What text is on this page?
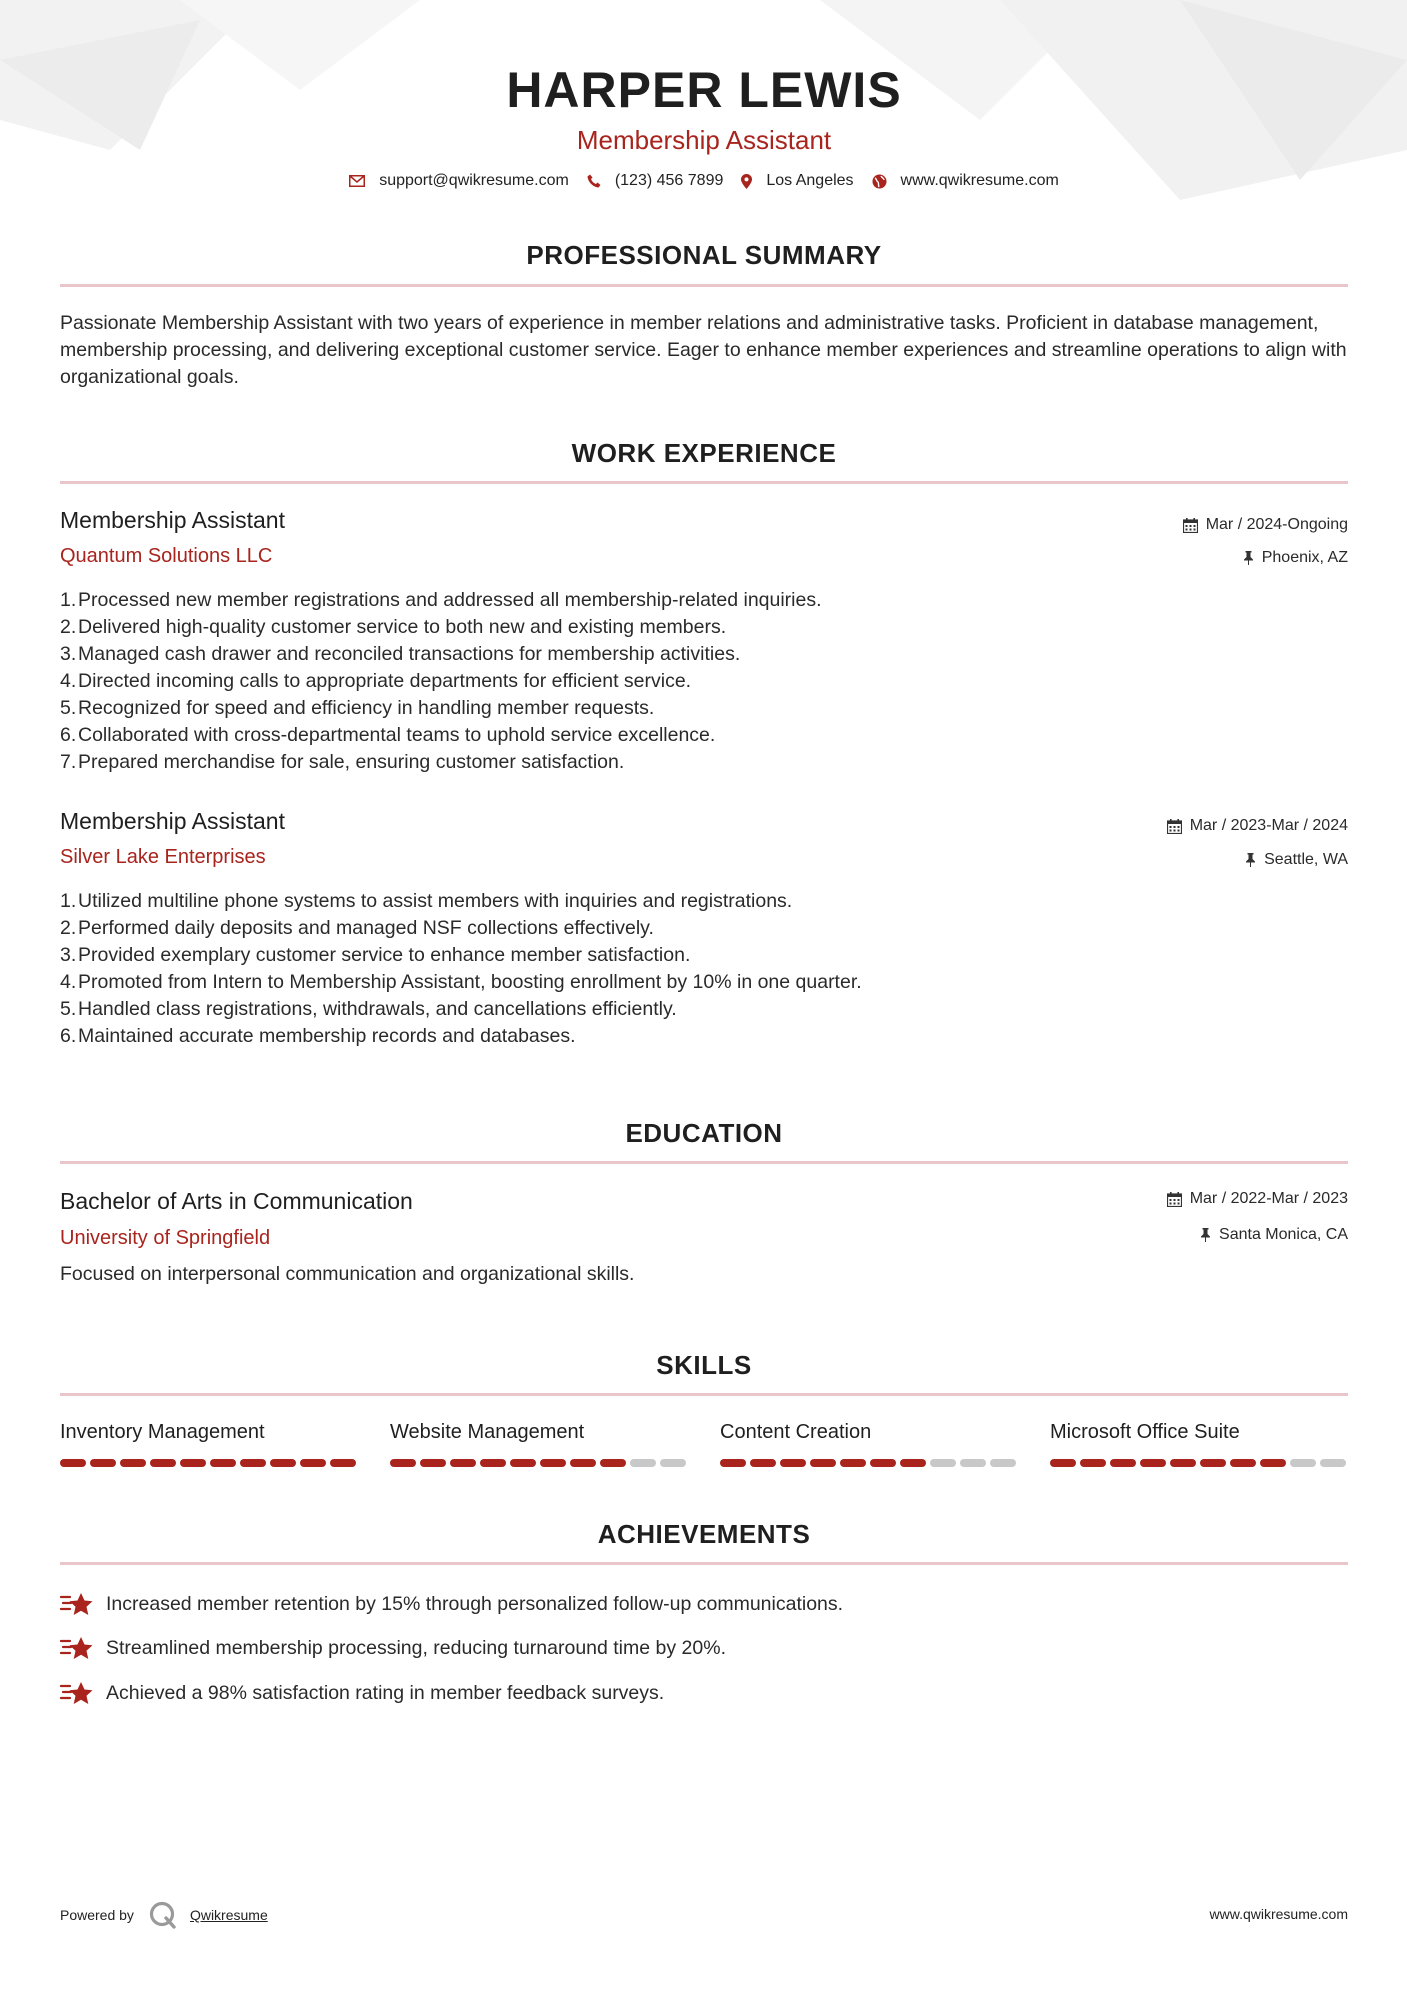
HARPER LEWIS
Membership Assistant
support@qwikresume.com	(123) 456 7899	Los Angeles	www.qwikresume.com
PROFESSIONAL SUMMARY
Passionate Membership Assistant with two years of experience in member relations and administrative tasks. Proficient in database management, membership processing, and delivering exceptional customer service. Eager to enhance member experiences and streamline operations to align with organizational goals.
WORK EXPERIENCE
Membership Assistant	Mar / 2024-Ongoing
Quantum Solutions LLC	Phoenix, AZ
1. Processed new member registrations and addressed all membership-related inquiries.
2. Delivered high-quality customer service to both new and existing members.
3. Managed cash drawer and reconciled transactions for membership activities.
4. Directed incoming calls to appropriate departments for efficient service.
5. Recognized for speed and efficiency in handling member requests.
6. Collaborated with cross-departmental teams to uphold service excellence.
7. Prepared merchandise for sale, ensuring customer satisfaction.
Membership Assistant	Mar / 2023-Mar / 2024
Silver Lake Enterprises	Seattle, WA
1. Utilized multiline phone systems to assist members with inquiries and registrations.
2. Performed daily deposits and managed NSF collections effectively.
3. Provided exemplary customer service to enhance member satisfaction.
4. Promoted from Intern to Membership Assistant, boosting enrollment by 10% in one quarter.
5. Handled class registrations, withdrawals, and cancellations efficiently.
6. Maintained accurate membership records and databases.
EDUCATION
Bachelor of Arts in Communication	Mar / 2022-Mar / 2023
University of Springfield	Santa Monica, CA
Focused on interpersonal communication and organizational skills.
SKILLS
Inventory Management	Website Management	Content Creation	Microsoft Office Suite
ACHIEVEMENTS
Increased member retention by 15% through personalized follow-up communications.
Streamlined membership processing, reducing turnaround time by 20%.
Achieved a 98% satisfaction rating in member feedback surveys.
Powered by	Qwikresume	www.qwikresume.com
